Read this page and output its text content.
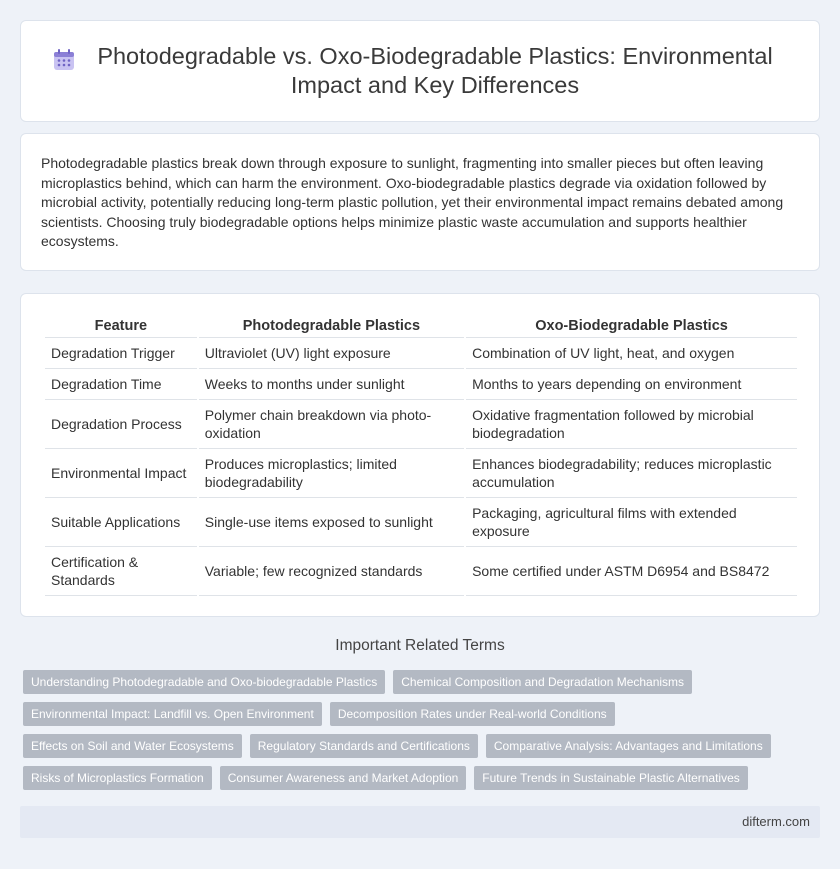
Photodegradable vs. Oxo-Biodegradable Plastics: Environmental Impact and Key Differences

Photodegradable plastics break down through exposure to sunlight, fragmenting into smaller pieces but often leaving microplastics behind, which can harm the environment. Oxo-biodegradable plastics degrade via oxidation followed by microbial activity, potentially reducing long-term plastic pollution, yet their environmental impact remains debated among scientists. Choosing truly biodegradable options helps minimize plastic waste accumulation and supports healthier ecosystems.

Feature	Photodegradable Plastics	Oxo-Biodegradable Plastics
Degradation Trigger	Ultraviolet (UV) light exposure	Combination of UV light, heat, and oxygen
Degradation Time	Weeks to months under sunlight	Months to years depending on environment
Degradation Process	Polymer chain breakdown via photo-oxidation	Oxidative fragmentation followed by microbial biodegradation
Environmental Impact	Produces microplastics; limited biodegradability	Enhances biodegradability; reduces microplastic accumulation
Suitable Applications	Single-use items exposed to sunlight	Packaging, agricultural films with extended exposure
Certification & Standards	Variable; few recognized standards	Some certified under ASTM D6954 and BS8472
Important Related Terms
Understanding Photodegradable and Oxo-biodegradable Plastics	Chemical Composition and Degradation Mechanisms
Environmental Impact: Landfill vs. Open Environment	Decomposition Rates under Real-world Conditions
Effects on Soil and Water Ecosystems	Regulatory Standards and Certifications	Comparative Analysis: Advantages and Limitations
Risks of Microplastics Formation	Consumer Awareness and Market Adoption	Future Trends in Sustainable Plastic Alternatives
difterm.com
